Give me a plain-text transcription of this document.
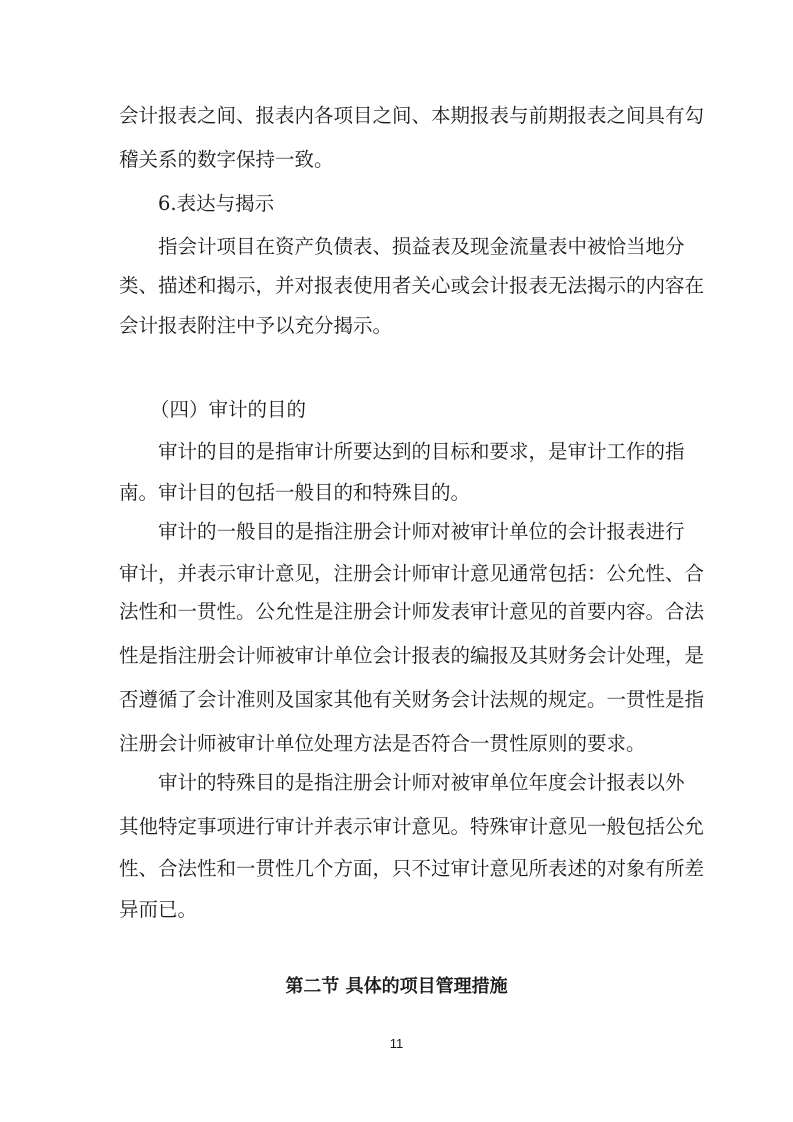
会计报表之间、报表内各项目之间、本期报表与前期报表之间具有勾
稽关系的数字保持一致。
6.表达与揭示
指会计项目在资产负债表、损益表及现金流量表中被恰当地分
类、描述和揭示，并对报表使用者关心或会计报表无法揭示的内容在
会计报表附注中予以充分揭示。
（四）审计的目的
审计的目的是指审计所要达到的目标和要求，是审计工作的指
南。审计目的包括一般目的和特殊目的。
审计的一般目的是指注册会计师对被审计单位的会计报表进行
审计，并表示审计意见，注册会计师审计意见通常包括：公允性、合
法性和一贯性。公允性是注册会计师发表审计意见的首要内容。合法
性是指注册会计师被审计单位会计报表的编报及其财务会计处理，是
否遵循了会计准则及国家其他有关财务会计法规的规定。一贯性是指
注册会计师被审计单位处理方法是否符合一贯性原则的要求。
审计的特殊目的是指注册会计师对被审单位年度会计报表以外
其他特定事项进行审计并表示审计意见。特殊审计意见一般包括公允
性、合法性和一贯性几个方面，只不过审计意见所表述的对象有所差
异而已。
第二节 具体的项目管理措施
11
